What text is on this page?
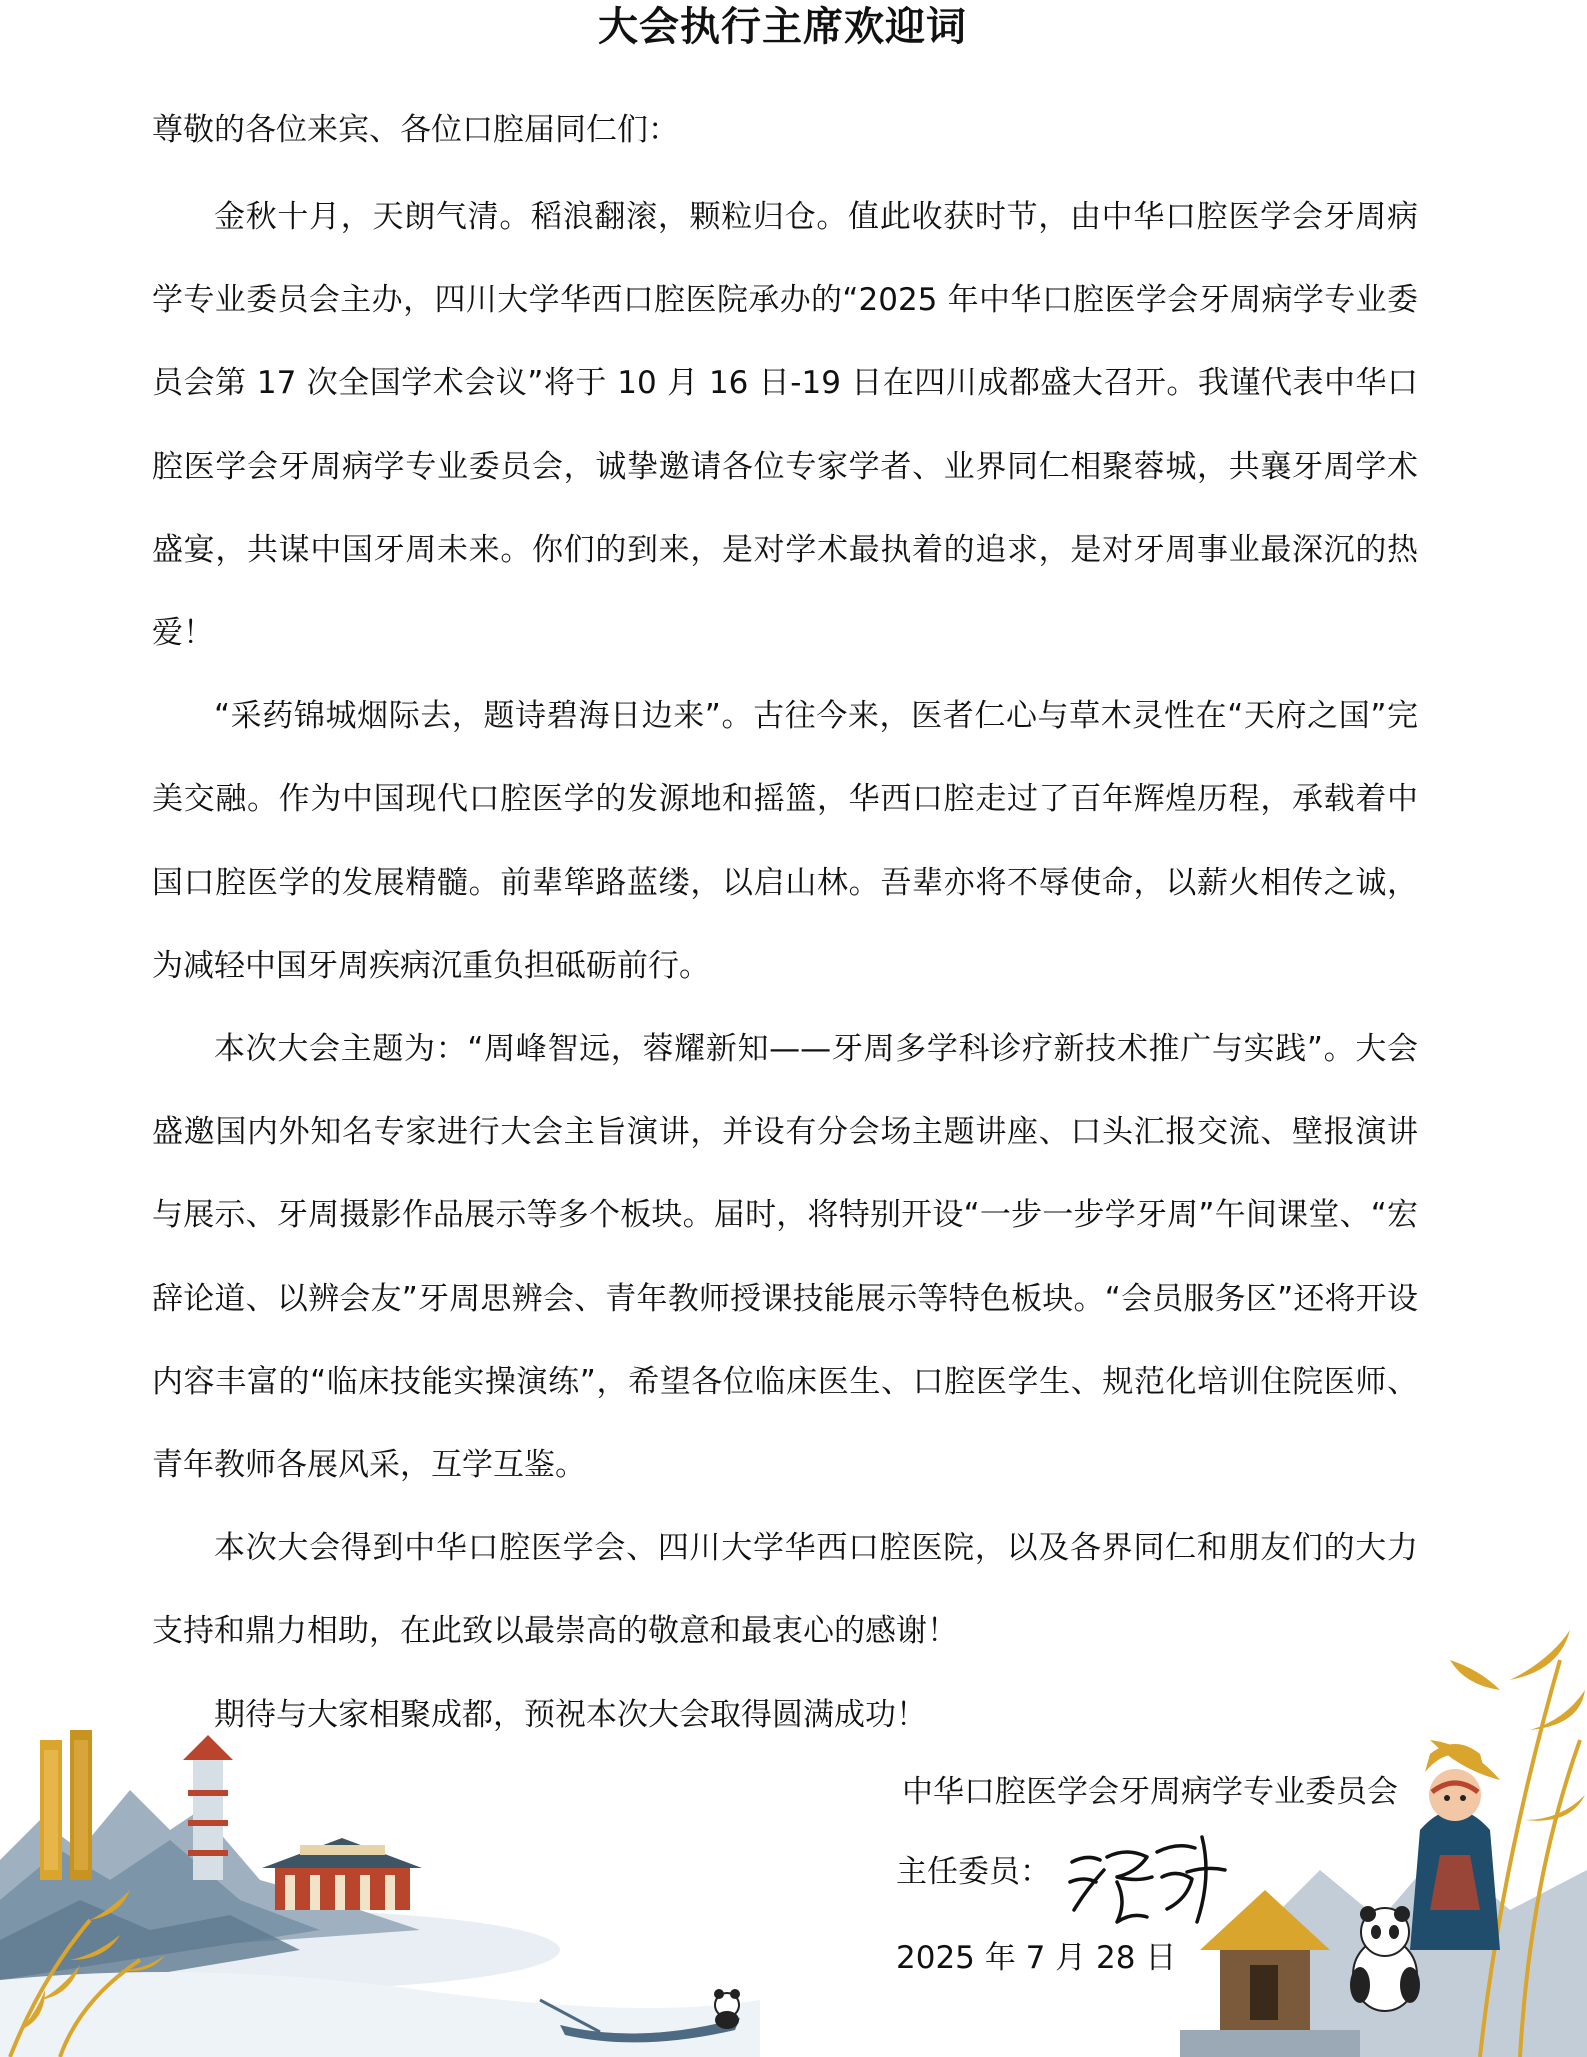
大会执行主席欢迎词
尊敬的各位来宾、各位口腔届同仁们：

金秋十月，天朗气清。稻浪翻滚，颗粒归仓。值此收获时节，由中华口腔医学会牙周病学专业委员会主办，四川大学华西口腔医院承办的“2025 年中华口腔医学会牙周病学专业委员会第 17 次全国学术会议”将于 10 月 16 日-19 日在四川成都盛大召开。我谨代表中华口腔医学会牙周病学专业委员会，诚挚邀请各位专家学者、业界同仁相聚蓉城，共襄牙周学术盛宴，共谋中国牙周未来。你们的到来，是对学术最执着的追求，是对牙周事业最深沉的热爱！

“采药锦城烟际去，题诗碧海日边来”。古往今来，医者仁心与草木灵性在“天府之国”完美交融。作为中国现代口腔医学的发源地和摇篮，华西口腔走过了百年辉煌历程，承载着中国口腔医学的发展精髓。前辈筚路蓝缕，以启山林。吾辈亦将不辱使命，以薪火相传之诚，为减轻中国牙周疾病沉重负担砥砺前行。

本次大会主题为：“周峰智远，蓉耀新知——牙周多学科诊疗新技术推广与实践”。大会盛邀国内外知名专家进行大会主旨演讲，并设有分会场主题讲座、口头汇报交流、壁报演讲与展示、牙周摄影作品展示等多个板块。届时，将特别开设“一步一步学牙周”午间课堂、“宏辞论道、以辨会友”牙周思辨会、青年教师授课技能展示等特色板块。“会员服务区”还将开设内容丰富的“临床技能实操演练”，希望各位临床医生、口腔医学生、规范化培训住院医师、青年教师各展风采，互学互鉴。

本次大会得到中华口腔医学会、四川大学华西口腔医院，以及各界同仁和朋友们的大力支持和鼎力相助，在此致以最崇高的敬意和最衷心的感谢！

期待与大家相聚成都，预祝本次大会取得圆满成功！

中华口腔医学会牙周病学专业委员会
主任委员：
2025 年 7 月 28 日
